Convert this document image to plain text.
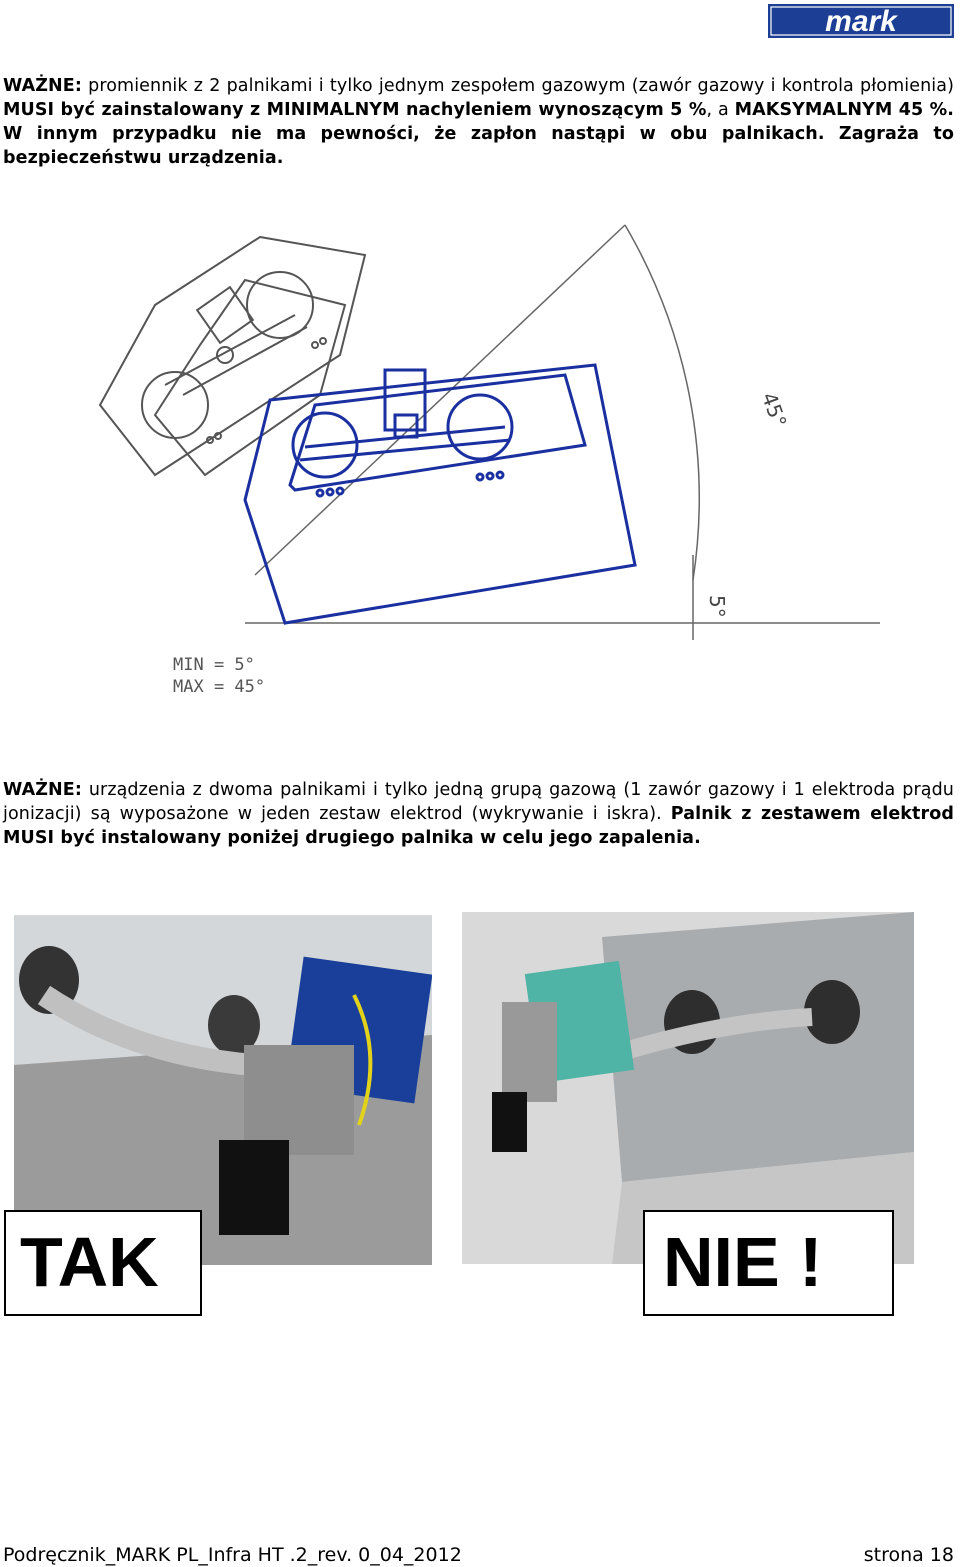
mark
WAŻNE: promiennik z 2 palnikami i tylko jednym zespołem gazowym (zawór gazowy i kontrola płomienia) MUSI być zainstalowany z MINIMALNYM nachyleniem wynoszącym 5 %, a MAKSYMALNYM 45 %. W innym przypadku nie ma pewności, że zapłon nastąpi w obu palnikach. Zagraża to bezpieczeństwu urządzenia.
45°
5°
MIN = 5°
MAX = 45°
WAŻNE: urządzenia z dwoma palnikami i tylko jedną grupą gazową (1 zawór gazowy i 1 elektroda prądu jonizacji) są wyposażone w jeden zestaw elektrod (wykrywanie i iskra). Palnik z zestawem elektrod MUSI być instalowany poniżej drugiego palnika w celu jego zapalenia.
TAK	NIE !
Podręcznik_MARK PL_Infra HT .2_rev. 0_04_2012	strona 18
